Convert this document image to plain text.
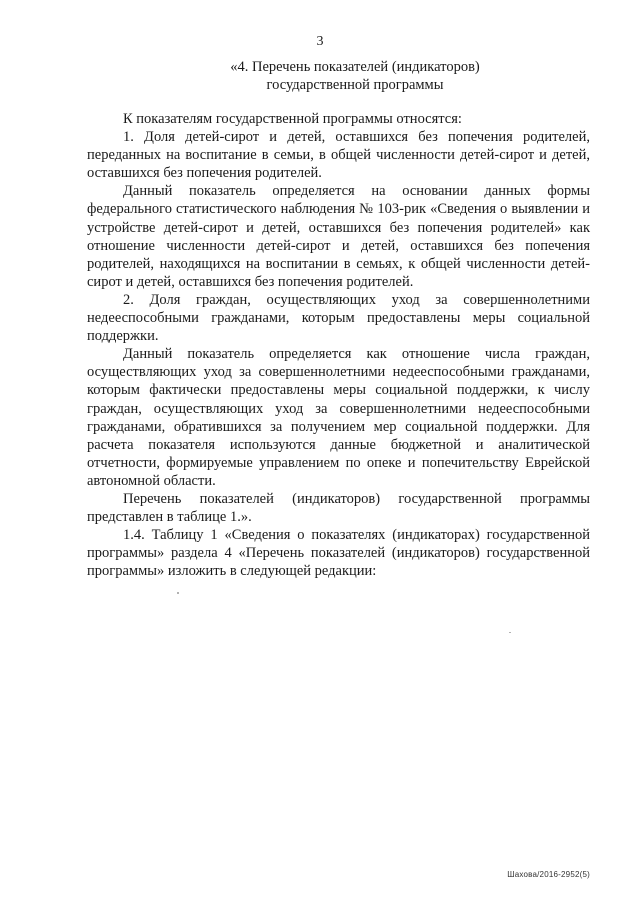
3
«4. Перечень показателей (индикаторов)
государственной программы

К показателям государственной программы относятся:

1. Доля детей-сирот и детей, оставшихся без попечения родителей, переданных на воспитание в семьи, в общей численности детей-сирот и детей, оставшихся без попечения родителей.

Данный показатель определяется на основании данных формы федерального статистического наблюдения № 103-рик «Сведения о выявлении и устройстве детей-сирот и детей, оставшихся без попечения родителей» как отношение численности детей-сирот и детей, оставшихся без попечения родителей, находящихся на воспитании в семьях, к общей численности детей-сирот и детей, оставшихся без попечения родителей.

2. Доля граждан, осуществляющих уход за совершеннолетними недееспособными гражданами, которым предоставлены меры социальной поддержки.

Данный показатель определяется как отношение числа граждан, осуществляющих уход за совершеннолетними недееспособными гражданами, которым фактически предоставлены меры социальной поддержки, к числу граждан, осуществляющих уход за совершеннолетними недееспособными гражданами, обратившихся за получением мер социальной поддержки. Для расчета показателя используются данные бюджетной и аналитической отчетности, формируемые управлением по опеке и попечительству Еврейской автономной области.

Перечень показателей (индикаторов) государственной программы представлен в таблице 1.».

1.4. Таблицу 1 «Сведения о показателях (индикаторах) государственной программы» раздела 4 «Перечень показателей (индикаторов) государственной программы» изложить в следующей редакции:

Шахова/2016-2952(5)
